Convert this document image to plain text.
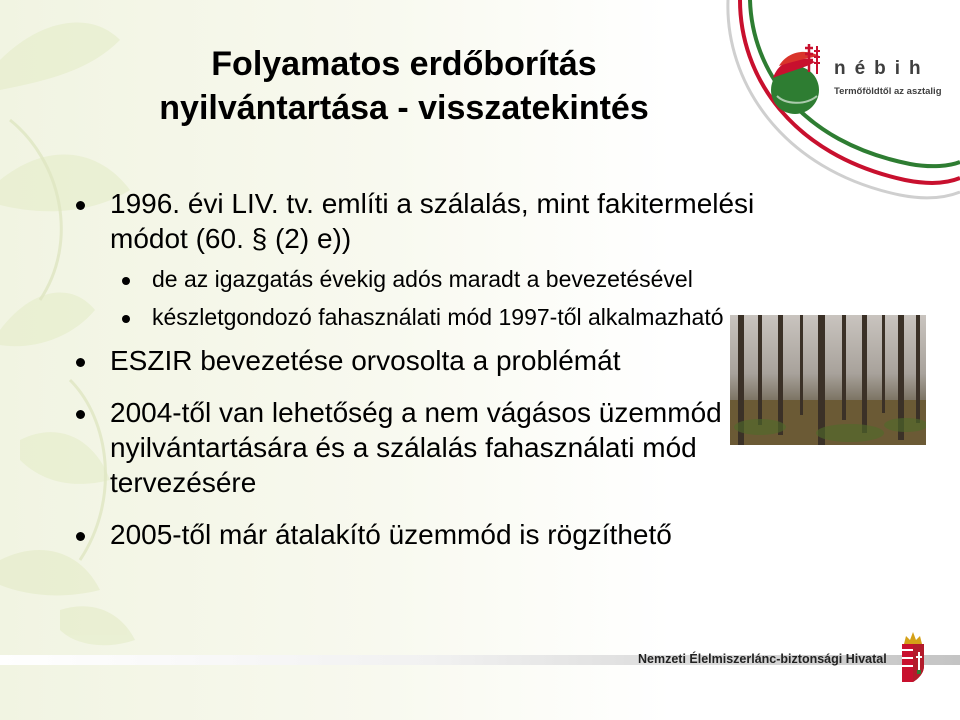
Folyamatos erdőborítás
nyilvántartása - visszatekintés
nébih
Termőföldtől az asztalig
1996. évi LIV. tv. említi a szálalás, mint fakitermelési módot (60. § (2) e))
de az igazgatás évekig adós maradt a bevezetésével
készletgondozó fahasználati mód 1997-től alkalmazható
ESZIR bevezetése orvosolta a problémát
2004-től van lehetőség a nem vágásos üzemmód nyilvántartására és a szálalás fahasználati mód tervezésére
2005-től már átalakító üzemmód is rögzíthető
Nemzeti Élelmiszerlánc-biztonsági Hivatal
